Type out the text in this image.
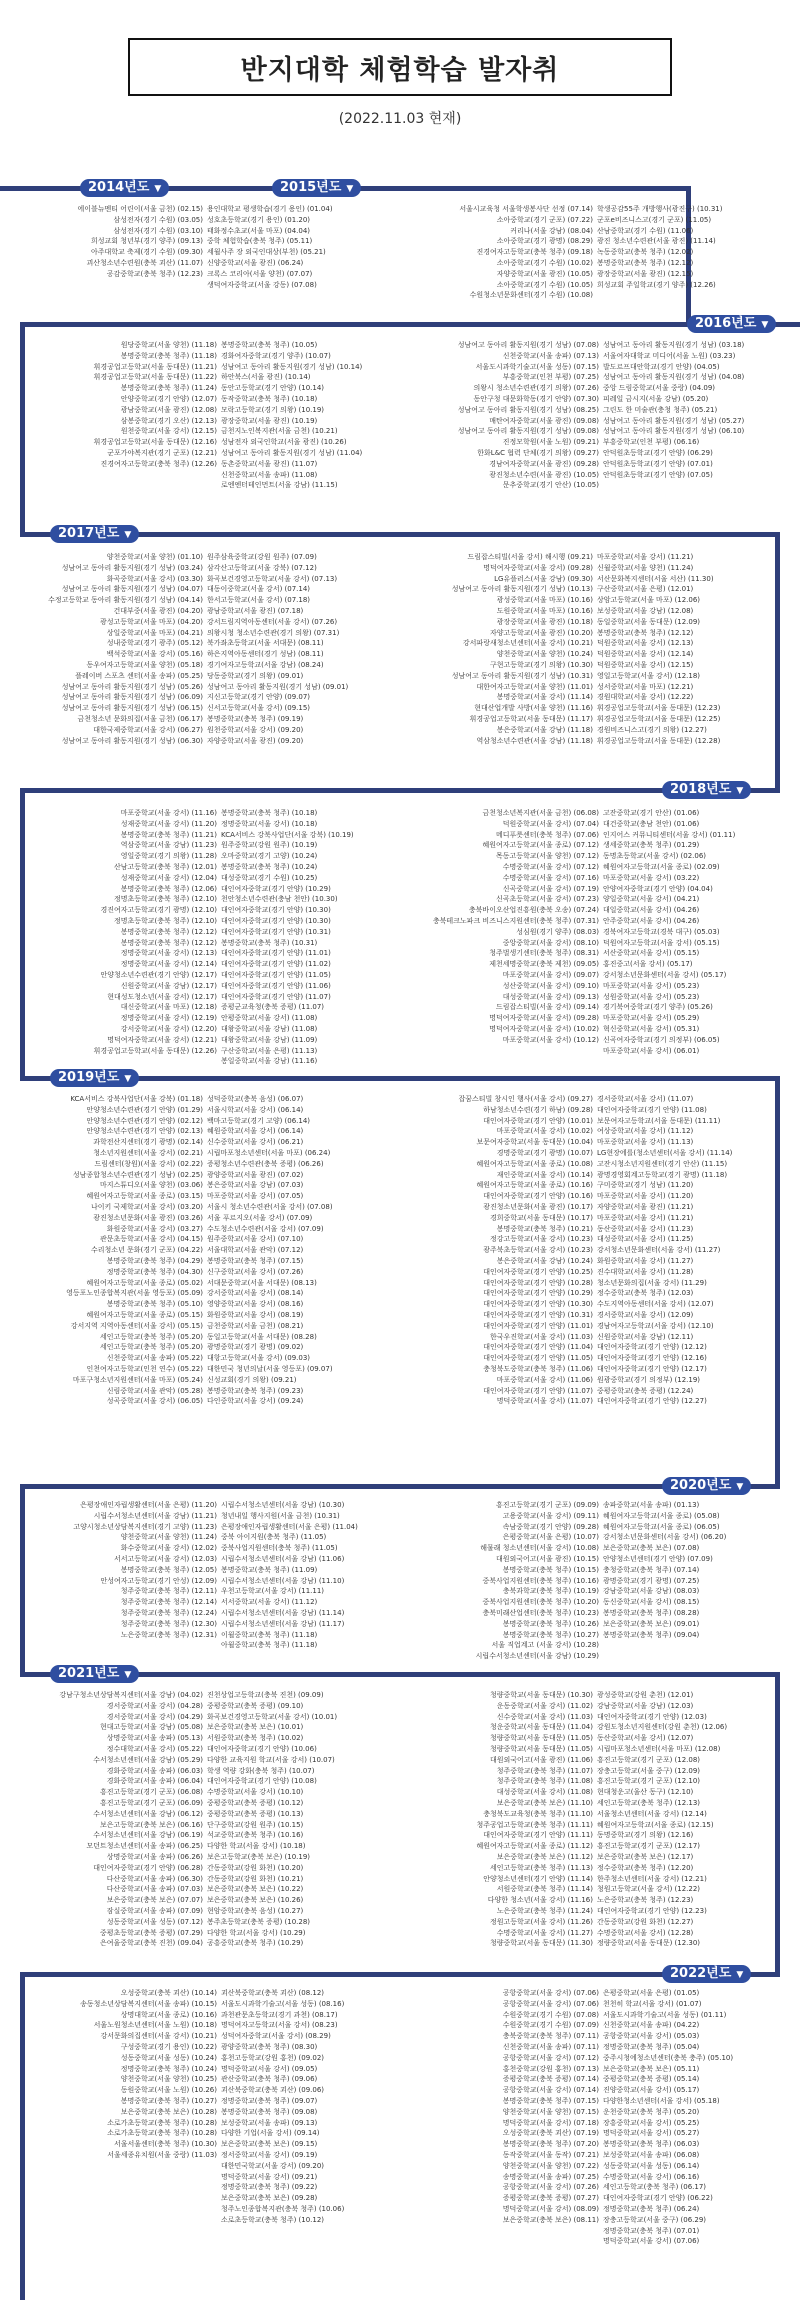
반지대학 체험학습 발자취
(2022.11.03 현재)
2014년도 ▼	2015년도 ▼
에이블뉴멘티 어린이(서울 금천) (02.15)
삼성전자(경기 수원) (03.05)
삼성전자(경기 수원) (03.10)
희성교회 청년부(경기 양주) (09.13)
아주대학교 축제(경기 수원) (09.30)
괴산청소년수련원(충북 괴산) (11.07)
공감중학교(충북 청주) (12.23)
용인대학교 평생학습(경기 용인) (01.04)
성호초등학교(경기 용인) (01.20)
태화정수초교(서울 마포) (04.04)
중학 체험학습(충북 청주) (05.11)
세월사주 장 외국인대상(부천) (05.21)
신양중학교(서울 광진) (06.24)
크록스 코리아(서울 양천) (07.07)
생덕여자중학교(서울 강동) (07.08)
서울시교육청 서울학생봉사단 선정 (07.14)
소아중학교(경기 군포) (07.22)
커리나(서울 강남) (08.04)
소아중학교(경기 광명) (08.29)
진경여자고등학교(충북 청주) (09.18)
소아중학교(경기 수원) (10.02)
자양중학교(서울 광진) (10.05)
소아중학교(경기 수원) (10.05)
수원청소년문화센터(경기 수원) (10.08)
학생공감55주 개방행사(광진구) (10.31)
군포e비즈니스고(경기 군포) (11.05)
산남중학교(경기 수원) (11.06)
광진 청소년수련관(서울 광진) (11.14)
녹동중학교(충북 청주) (12.02)
봉명중학교(충북 청주) (12.12)
광장중학교(서울 광진) (12.15)
희성교회 주일학교(경기 양주) (12.26)
2016년도 ▼
원당중학교(서울 양천) (11.18)
봉명중학교(충북 청주) (11.18)
휘경공업고등학교(서울 동대문) (11.21)
휘경공업고등학교(서울 동대문) (11.22)
봉명중학교(충북 청주) (11.24)
안양중학교(경기 안양) (12.07)
광남중학교(서울 광진) (12.08)
삼봉중학교(경기 오산) (12.13)
원천중학교(서울 강서) (12.15)
휘경공업고등학교(서울 동대문) (12.16)
군포가야복지관(경기 군포) (12.21)
진경여자고등학교(충북 청주) (12.26)
봉명중학교(충북 청주) (10.05)
경화여자중학교(경기 양주) (10.07)
성남여고 동아리 활동지원(경기 성남) (10.14)
하안북스(서울 광진) (10.14)
동안고등학교(경기 안양) (10.14)
동작중학교(충북 청주) (10.18)
모락고등학교(경기 의왕) (10.19)
광장중학교(서울 광진) (10.19)
금천지노인복지관(서울 금천) (10.21)
성남전자 외국인학교(서울 광진) (10.26)
성남여고 동아리 활동지원(경기 성남) (11.04)
동촌중학교(서울 광진) (11.07)
신천중학교(서울 송파) (11.08)
로엔엔터테인먼트(서울 강남) (11.15)
성남여고 동아리 활동지원(경기 성남) (07.08)
신천중학교(서울 송파) (07.13)
서울도시과학기술고(서울 성동) (07.15)
부흥중학교(인천 부평) (07.25)
의왕시 청소년수련관(경기 의왕) (07.26)
동안구청 대문화학동(경기 안양) (07.30)
성남여고 동아리 활동지원(경기 성남) (08.25)
매탄여자중학교(서울 광진) (09.08)
성남여고 동아리 활동지원(경기 성남) (09.08)
진정모학원(서울 노원) (09.21)
한화L&C 협력 단체(경기 의왕) (09.27)
경남여자중학교(서울 광진) (09.28)
광진청소년수련(서울 광진) (10.05)
문추중학교(경기 안산) (10.05)
성남여고 동아리 활동지원(경기 성남) (03.18)
서울여자대학교 미디어(서울 노원) (03.23)
발도르프대안학교(경기 안양) (04.05)
성남여고 동아리 활동지원(경기 성남) (04.08)
중앙 드림중학교(서울 중랑) (04.09)
피레일 금시지(서울 강남) (05.20)
그린도 한 미술관(충청 청주) (05.21)
성남여고 동아리 활동지원(경기 성남) (05.27)
성남여고 동아리 활동지원(경기 성남) (06.10)
부흥중학교(인천 부평) (06.16)
안덕원초등학교(경기 안양) (06.29)
안덕원초등학교(경기 안양) (07.01)
안덕원초등학교(경기 안양) (07.05)
2017년도 ▼
양천중학교(서울 양천) (01.10)
성남여고 동아리 활동지원(경기 성남) (03.24)
화곡중학교(서울 강서) (03.30)
성남여고 동아리 활동지원(경기 성남) (04.07)
수정고등학교 동아리 활동지원(경기 성남) (04.14)
건대부중(서울 광진) (04.20)
광성고등학교(서울 마포) (04.20)
상일중학교(서울 마포) (04.21)
성내중학교(경기 광주) (05.12)
백석중학교(서울 강서) (05.16)
동우여자고등학교(서울 양천) (05.18)
플레이버 스포츠 센터(서울 송파) (05.25)
성남여고 동아리 활동지원(경기 성남) (05.26)
성남여고 동아리 활동지원(경기 성남) (06.09)
성남여고 동아리 활동지원(경기 성남) (06.15)
금천청소년 문화의집(서울 금천) (06.17)
대한국제중학교(서울 강서) (06.27)
성남여고 동아리 활동지원(경기 성남) (06.30)
원주삼육중학교(강원 원주) (07.09)
삼각산고등학교(서울 강북) (07.12)
화곡보건경영고등학교(서울 강서) (07.13)
대동이중학교(서울 강서) (07.14)
한서고등학교(서울 강서) (07.18)
광남중학교(서울 광진) (07.18)
강서드림지역아동센터(서울 강서) (07.26)
의왕시청 청소년수련관(경기 의왕) (07.31)
북가좌초등학교(서울 서대문) (08.11)
하은지역아동센터(경기 성남) (08.11)
경기여자고등학교(서울 강남) (08.24)
당동중학교(경기 의왕) (09.01)
성남여고 동아리 활동지원(경기 성남) (09.01)
지신고등학교(경기 안양) (09.07)
신서고등학교(서울 강서) (09.15)
봉명중학교(충북 청주) (09.19)
원천중학교(서울 강서) (09.20)
자양중학교(서울 광진) (09.20)
드림잡스티빌(서울 강서) 해시행 (09.21)
명덕여자중학교(서울 강서) (09.28)
LG유플러스(서울 강남) (09.30)
성남여고 동아리 활동지원(경기 성남) (10.13)
광성중학교(서울 마포) (10.16)
도원중학교(서울 마포) (10.16)
광장중학교(서울 광진) (10.18)
자양고등학교(서울 광진) (10.20)
강서파랑새청소년센터(서울 강서) (10.21)
양천중학교(서울 양천) (10.24)
구현고등학교(경기 의왕) (10.30)
성남여고 동아리 활동지원(경기 성남) (10.31)
대한여자고등학교(서울 양천) (11.01)
봉명중학교(서울 강서) (11.14)
현대산업개발 사방(서울 양천) (11.16)
휘경공업고등학교(서울 동대문) (11.17)
봉은중학교(서울 강남) (11.18)
역삼청소년수련관(서울 강남) (11.18)
마포중학교(서울 강서) (11.21)
신월중학교(서울 양천) (11.24)
서산문화복지센터(서울 서산) (11.30)
구산중학교(서울 은평) (12.01)
상암고등학교(서울 마포) (12.06)
보성중학교(서울 강남) (12.08)
동일중학교(서울 동대문) (12.09)
봉명중학교(충북 청주) (12.12)
덕원중학교(서울 강서) (12.13)
덕원중학교(서울 강서) (12.14)
덕원중학교(서울 강서) (12.15)
영일고등학교(서울 강서) (12.18)
성서중학교(서울 마포) (12.21)
경원대학교(서울 강서) (12.22)
휘경공업고등학교(서울 동대문) (12.23)
휘경공업고등학교(서울 동대문) (12.25)
경원비즈니스고(경기 의왕) (12.27)
휘경공업고등학교(서울 동대문) (12.28)
2018년도 ▼
마포중학교(서울 강서) (11.16)
성재중학교(서울 강서) (11.20)
봉명중학교(충북 청주) (11.21)
역삼중학교(서울 강남) (11.23)
영일중학교(경기 의왕) (11.28)
산남고등학교(충북 청주) (12.01)
성재중학교(서울 강서) (12.04)
봉명중학교(충북 청주) (12.06)
정명초등학교(충북 청주) (12.10)
경진여자고등학교(경기 광명) (12.10)
정명초등학교(충북 청주) (12.10)
봉명중학교(충북 청주) (12.12)
봉명중학교(충북 청주) (12.12)
정명중학교(서울 강서) (12.13)
정명중학교(서울 강서) (12.14)
안양청소년수련관(경기 안양) (12.17)
신원중학교(서울 강남) (12.17)
현대성도청소년(서울 강서) (12.17)
대신중학교(서울 마포) (12.18)
정명중학교(서울 강서) (12.19)
강서중학교(서울 강서) (12.20)
명덕여자중학교(서울 강서) (12.21)
휘경공업고등학교(서울 동대문) (12.26)
봉명중학교(충북 청주) (10.18)
정명중학교(서울 강서) (10.18)
KCA서비스 강북사업단(서울 강북) (10.19)
원주중학교(강원 원주) (10.19)
오마중학교(경기 고양) (10.24)
봉명중학교(충북 청주) (10.24)
대성중학교(경기 수원) (10.25)
대인여자중학교(경기 안양) (10.29)
천안청소년수련관(충남 천안) (10.30)
대인여자중학교(경기 안양) (10.30)
대인여자중학교(경기 안양) (10.30)
대인여자중학교(경기 안양) (10.31)
봉명중학교(충북 청주) (10.31)
대인여자중학교(경기 안양) (11.01)
대인여자중학교(경기 안양) (11.02)
대인여자중학교(경기 안양) (11.05)
대인여자중학교(경기 안양) (11.06)
대인여자중학교(경기 안양) (11.07)
증평군교육청(충북 증평) (11.07)
안평중학교(서울 강서) (11.08)
대왕중학교(서울 강남) (11.08)
대왕중학교(서울 강남) (11.09)
구산중학교(서울 은평) (11.13)
봉일중학교(서울 강남) (11.16)
금천청소년복지관(서울 금천) (06.08)
덕원중학교(서울 강서) (07.04)
메디푸릇센터(충북 청주) (07.06)
혜원여자고등학교(서울 종로) (07.12)
목동고등학교(서울 양천) (07.12)
수명중학교(서울 강서) (07.12)
수명중학교(서울 강서) (07.16)
신곡중학교(서울 강서) (07.19)
신곡초등학교(서울 강서) (07.23)
충북바이오산업진흥원(충북 오송) (07.24)
충북테크노파크 비즈니스지원센터(충북 청주) (07.31)
성심원(경기 양주) (08.03)
중앙중학교(서울 강서) (08.10)
청주벌생기센터(충북 청주) (08.31)
제천세명중학교(충북 제천) (09.05)
마포중학교(서울 강서) (09.07)
성산중학교(서울 강서) (09.10)
대성중학교(서울 강서) (09.13)
드림잡스티빌(서울 강서) (09.14)
명덕여자중학교(서울 강서) (09.28)
명덕여자중학교(서울 강서) (10.02)
마포중학교(서울 강서) (10.12)
고잔중학교(경기 안산) (01.06)
대건중학교(충남 천안) (01.06)
인지어스 커뮤니티센터(서울 강서) (01.11)
생세중학교(충북 청주) (01.29)
동명초등학교(서울 강서) (02.06)
혜원여자고등학교(서울 종로) (02.09)
마포중학교(서울 강서) (03.22)
안양여자중학교(경기 안양) (04.04)
양일중학교(서울 강서) (04.21)
대일중학교(서울 강서) (04.26)
안주중학교(서울 강서) (04.26)
경북여자고등학교(경북 대구) (05.03)
덕원여자고등학교(서울 강서) (05.15)
서산중학교(서울 강서) (05.15)
홍진중고(서울 강서) (05.17)
강서청소년문화센터(서울 강서) (05.17)
마포중학교(서울 강서) (05.23)
성원중학교(서울 강서) (05.23)
경기북여중학교(경기 양주) (05.26)
마포중학교(서울 강서) (05.29)
혁신중학교(서울 강서) (05.31)
신곡여자중학교(경기 의정부) (06.05)
마포중학교(서울 강서) (06.01)
2019년도 ▼
KCA서비스 강북사업단(서울 강북) (01.18)
안양청소년수련관(경기 안양) (01.29)
안양청소년수련관(경기 안양) (02.12)
안양청소년수련관(경기 안양) (02.13)
과학전산지센터(경기 광명) (02.14)
청소년지원센터(서울 강서) (02.21)
드림센터(창원)(서울 강서) (02.22)
성남종합청소년수련관(경기 성남) (02.25)
마지스튜디오(서울 양천) (03.06)
혜원여자고등학교(서울 종로) (03.15)
나이키 국제학교(서울 강서) (03.20)
광진청소년문화(서울 광진) (03.26)
화원중학교(서울 강서) (03.27)
관문초등학교(서울 강서) (04.15)
수리청소년 문화(경기 군포) (04.22)
봉명중학교(충북 청주) (04.29)
정명중학교(충북 청주) (04.30)
혜원여자고등학교(서울 종로) (05.02)
영등포노인종합복지관(서울 영등포) (05.09)
봉명중학교(충북 청주) (05.10)
혜원여자고등학교(서울 종로) (05.15)
강서지역 지역아동센터(서울 강서) (05.15)
세인고등학교(충북 청주) (05.20)
세인고등학교(충북 청주) (05.20)
신천중학교(서울 송파) (05.22)
인천여자고등학교(인천 연수) (05.22)
마포구청소년지원센터(서울 마포) (05.24)
신림중학교(서울 관악) (05.28)
성곡중학교(서울 강서) (06.05)
성덕중학교(충북 음성) (06.07)
서울시학교(서울 강서) (06.14)
백마고등학교(경기 고양) (06.14)
혜원중학교(서울 강서) (06.14)
신수중학교(서울 강서) (06.21)
시립마포청소년센터(서울 마포) (06.24)
증평청소년수련관(충북 증평) (06.26)
광양중학교(서울 광진) (07.02)
봉은중학교(서울 강남) (07.03)
마포중학교(서울 강서) (07.05)
서울시 청소년수련관(서울 강서) (07.08)
서울 푸르지오(서울 강서) (07.09)
수도청소년수련관(서울 강서) (07.09)
원주중학교(서울 강서) (07.10)
서울대학교(서울 관악) (07.12)
봉명중학교(충북 청주) (07.15)
신구중학교(서울 강서) (07.26)
서대문중학교(서울 서대문) (08.13)
강서중학교(서울 강서) (08.14)
영양중학교(서울 강서) (08.16)
화원중학교(서울 강서) (08.19)
금천중학교(서울 금천) (08.21)
동일고등학교(서울 서대문) (08.28)
광명중학교(경기 광명) (09.02)
대항고등학교(서울 강서) (09.03)
대한민국 청년의날(서울 영등포) (09.07)
신성교회(경기 의왕) (09.21)
봉명중학교(충북 청주) (09.23)
다인중학교(서울 강서) (09.24)
잡꿈스티빌 창시인 행사(서울 강서) (09.27)
하남청소년수련(경기 하남) (09.28)
대인여자중학교(경기 안양) (10.01)
마포중학교(서울 강서) (10.02)
보문여자중학교(서울 동대문) (10.04)
경명중학교(경기 광명) (10.07)
혜원여자고등학교(서울 종로) (10.08)
재인중학교(서울 강서) (10.14)
혜원여자고등학교(서울 종로) (10.16)
대인여자중학교(경기 안양) (10.16)
광진청소년문화(서울 광진) (10.17)
경희중학교(서울 동대문) (10.17)
봉명중학교(충북 청주) (10.21)
정강고등학교(서울 강서) (10.23)
광주북초등학교(서울 강서) (10.23)
봉은중학교(서울 강남) (10.24)
대인여자중학교(경기 안양) (10.25)
대인여자중학교(경기 안양) (10.28)
대인여자중학교(경기 안양) (10.29)
대인여자중학교(경기 안양) (10.30)
대인여자중학교(경기 안양) (10.31)
대인여자중학교(경기 안양) (11.01)
한국우진학교(서울 강서) (11.03)
대인여자중학교(경기 안양) (11.04)
대인여자중학교(경기 안양) (11.05)
충청북도중학교(충북 청주) (11.06)
마포중학교(서울 강서) (11.06)
대인여자중학교(경기 안양) (11.07)
명덕중학교(서울 강서) (11.07)
경서중학교(서울 강서) (11.07)
대인여자중학교(경기 안양) (11.08)
보문여자고등학교(서울 동대문) (11.11)
여상중학교(서울 강서) (11.12)
마포중학교(서울 강서) (11.13)
LG현장에를(청소년센터(서울 강서) (11.14)
고잔시청소년지원센터(경기 안산) (11.15)
광명경영회계고등학교(경기 광명) (11.18)
구미중학교(경기 성남) (11.20)
마포중학교(서울 강서) (11.20)
자양중학교(서울 광진) (11.21)
마포중학교(서울 강서) (11.21)
동산중학교(서울 강서) (11.23)
대성중학교(서울 강서) (11.25)
강서청소년문화센터(서울 강서) (11.27)
화원중학교(서울 강서) (11.27)
진수대학교(서울 강서) (11.28)
청소년문화의집(서울 강서) (11.29)
정수중학교(충북 청주) (12.03)
수도지역아동센터(서울 강서) (12.07)
경서중학교(서울 강서) (12.09)
경남여자고등학교(서울 강서) (12.10)
신원중학교(서울 강남) (12.11)
대인여자중학교(경기 안양) (12.12)
대인여자중학교(경기 안양) (12.16)
대인여자중학교(경기 안양) (12.17)
원광중학교(경기 의정부) (12.19)
중평중학교(충북 증평) (12.24)
대인여자중학교(경기 안양) (12.27)
2020년도 ▼
은평장애인자립생활센터(서울 은평) (11.20)
시립수서청소년센터(서울 강남) (11.21)
고양시청소년상담복지센터(경기 고양) (11.23)
양천중학교(서울 양천) (11.24)
화수중학교(서울 강서) (12.02)
서서고등학교(서울 강서) (12.03)
봉명중학교(충북 청주) (12.05)
안성여자고등학교(경기 안성) (12.09)
청주중학교(충북 청주) (12.11)
청주중학교(충북 청주) (12.14)
청주중학교(충북 청주) (12.24)
청주중학교(충북 청주) (12.30)
노은중학교(충북 청주) (12.31)
시립수서청소년센터(서울 강남) (10.30)
청년내일 행사지원(서울 금천) (10.31)
은평장애인자립생활센터(서울 은평) (11.04)
중북 아이지원(충북 청주) (11.05)
중북사업지원센터(충북 청주) (11.05)
시립수서청소년센터(서울 강남) (11.06)
봉명중학교(충북 청주) (11.09)
시립수서청소년센터(서울 강남) (11.10)
우천고등학교(서울 강서) (11.11)
서서중학교(서울 강서) (11.12)
시립수서청소년센터(서울 강남) (11.14)
시립수서청소년센터(서울 강남) (11.17)
이월중학교(충북 청주) (11.18)
아월중학교(충북 청주) (11.18)
흥진고등학교(경기 군포) (09.09)
고용중학교(서울 강서) (09.11)
속남중학교(경기 안양) (09.28)
은평중학교(서울 은평) (10.07)
해물래 청소년센터(서울 강서) (10.08)
대원외국어고(서울 광진) (10.15)
봉명중학교(충북 청주) (10.15)
중북사업지원센터(충북 청주) (10.16)
충북과학교(충북 청주) (10.19)
중북사업지원센터(충북 청주) (10.20)
충북미래산업센터(충북 청주) (10.23)
봉명중학교(충북 청주) (10.26)
봉명중학교(충북 청주) (10.27)
서울 직업계고 (서울 강서) (10.28)
시립수서청소년센터(서울 강남) (10.29)
송파중학교(서울 송파) (01.13)
혜원여자고등학교(서울 종로) (05.08)
혜원여자고등학교(서울 종로) (06.05)
강서청소년문화센터(서울 강서) (06.20)
보은중학교(충북 보은) (07.08)
안양청소년센터(경기 안양) (07.09)
충청중학교(충북 청주) (07.14)
광명중학교(경기 광명) (07.25)
강남중학교(서울 강남) (08.03)
동신중학교(서울 강서) (08.15)
봉명중학교(충북 청주) (08.28)
보은중학교(충북 보은) (09.01)
봉명중학교(충북 청주) (09.04)
2021년도 ▼
강남구청소년상담복지센터(서울 강남) (04.02)
경서중학교(서울 강서) (04.28)
경서중학교(서울 강서) (04.29)
현대고등학교(서울 강남) (05.08)
상명중학교(서울 송파) (05.13)
정수대학교(서울 강서) (05.22)
수서청소년센터(서울 강남) (05.29)
경화중학교(서울 송파) (06.03)
경화중학교(서울 송파) (06.04)
흥진고등학교(경기 군포) (06.08)
흥진고등학교(경기 군포) (06.09)
수서청소년센터(서울 강남) (06.12)
보은고등학교(충북 보은) (06.16)
수서청소년센터(서울 강남) (06.19)
모던트청소년센터(서울 송파) (06.25)
상명중학교(서울 송파) (06.26)
대인여자중학교(경기 안양) (06.28)
다산중학교(서울 송파) (06.30)
다산중학교(서울 송파) (07.03)
보은중학교(충북 보은) (07.07)
잠실중학교(서울 송파) (07.09)
성동중학교(서울 성동) (07.12)
중평초등학교(충북 증평) (07.29)
은여울중학교(충북 진천) (09.04)
진천상업고등학교(충북 진천) (09.09)
중평중학교(충북 증평) (09.10)
화곡보건경영고등학교(서울 강서) (10.01)
보은중학교(충북 보은) (10.01)
서원중학교(충북 청주) (10.02)
대인여자중학교(경기 안양) (10.06)
다양한 교육지원 학교(서울 강서) (10.07)
학생 역량 강화(충북 청주) (10.07)
대인여자중학교(경기 안양) (10.08)
수명중학교(서울 강서) (10.10)
중평중학교(충북 증평) (10.12)
중평중학교(충북 증평) (10.13)
단구중학교(강원 원주) (10.15)
석교중학교(충북 청주) (10.16)
다양한 학교(서울 강서) (10.18)
보은고등학교(충북 보은) (10.19)
간동중학교(강원 화천) (10.20)
간동중학교(강원 화천) (10.21)
보은중학교(충북 보은) (10.22)
보은중학교(충북 보은) (10.26)
현암중학교(충북 음성) (10.27)
봉주초등학교(충북 증평) (10.28)
다양한 학교(서울 강서) (10.29)
공흥중학교(충북 청주) (10.29)
청량중학교(서울 동대문) (10.30)
운동중학교(서울 강서) (11.02)
신수중학교(서울 강서) (11.03)
청운중학교(서울 동대문) (11.04)
청량중학교(서울 동대문) (11.05)
청량중학교(서울 동대문) (11.05)
대원외국어고(서울 광진) (11.06)
청주중학교(충북 청주) (11.07)
청주중학교(충북 청주) (11.08)
대성중학교(서울 강서) (11.08)
보은중학교(충북 보은) (11.10)
충청북도교육청(충북 청주) (11.10)
청주공업고등학교(충북 청주) (11.11)
대인여자중학교(경기 안양) (11.11)
혜원여자고등학교(서울 종로) (11.12)
보은중학교(충북 보은) (11.12)
세인고등학교(충북 청주) (11.13)
안양청소년센터(경기 안양) (11.14)
서원중학교(충북 청주) (11.14)
다양한 청소년(서울 강서) (11.16)
노은중학교(충북 청주) (11.24)
정원고등학교(서울 강서) (11.26)
수명중학교(서울 강서) (11.27)
청량중학교(서울 동대문) (11.30)
광성중학교(강원 춘천) (12.01)
강남중학교(서울 강남) (12.03)
대인여자중학교(경기 안양) (12.03)
강원도청소년지원센터(강원 춘천) (12.06)
동산중학교(서울 강서) (12.07)
시립마포청소년센터(서울 마포) (12.08)
흥진고등학교(경기 군포) (12.08)
장충고등학교(서울 중구) (12.09)
흥진고등학교(경기 군포) (12.10)
현대청운고(울산 동구) (12.10)
세인고등학교(충북 청주) (12.13)
서울청소년센터(서울 강서) (12.14)
혜원여자고등학교(서울 종로) (12.15)
동명중학교(경기 의왕) (12.16)
흥진고등학교(경기 군포) (12.17)
보은중학교(충북 보은) (12.17)
정수중학교(충북 청주) (12.20)
한주청소년센터(서울 강서) (12.21)
청원고등학교(서울 강서) (12.22)
노은중학교(충북 청주) (12.23)
대인여자중학교(경기 안양) (12.23)
간동중학교(강원 화천) (12.27)
수명중학교(서울 강서) (12.28)
정량중학교(서울 동대문) (12.30)
2022년도 ▼
오성중학교(충북 괴산) (10.14)
송동청소년상담복지센터(서울 송파) (10.15)
상명대학교(서울 종로) (10.16)
서울노원청소년센터(서울 노원) (10.18)
강서문화의집센터(서울 강서) (10.21)
구성중학교(경기 용인) (10.22)
성동중학교(서울 성동) (10.24)
정명중학교(충북 청주) (10.24)
양천중학교(서울 양천) (10.25)
동원중학교(서울 노원) (10.26)
봉명중학교(충북 청주) (10.27)
보은중학교(충북 보은) (10.28)
소로가초등학교(충북 청주) (10.28)
소로가초등학교(충북 청주) (10.28)
서울서울센터(충북 청주) (10.30)
서울세종유치원(서울 중랑) (11.03)
괴산북중학교(충북 괴산) (08.12)
서울도시과학기술고(서울 성동) (08.16)
과천관문초등학교(경기 과천) (08.17)
명덕여자고등학교(서울 강서) (08.23)
성덕여자중학교(서울 강서) (08.29)
광양중학교(충북 청주) (08.30)
홍천고등학교(강원 홍천) (09.02)
명덕중학교(서울 강서) (09.05)
관산중학교(충북 청주) (09.06)
괴산북중학교(충북 괴산) (09.06)
정명중학교(충북 청주) (09.07)
봉명중학교(충북 청주) (09.08)
보성중학교(서울 송파) (09.13)
다양한 기업(서울 강서) (09.14)
보은중학교(충북 보은) (09.15)
정서중학교(서울 강서) (09.19)
대한민국학교(서울 강서) (09.20)
명덕중학교(서울 강서) (09.21)
정명중학교(충북 청주) (09.22)
보은중학교(충북 보은) (09.28)
청주노인종합복지관(충북 청주) (10.06)
소로초등학교(충북 청주) (10.12)
공항중학교(서울 강서) (07.06)
공항중학교(서울 강서) (07.06)
수원중학교(경기 수원) (07.08)
수원중학교(경기 수원) (07.09)
충북중학교(충북 청주) (07.11)
신천중학교(서울 송파) (07.11)
공항중학교(서울 강서) (07.12)
홍천중학교(강원 홍천) (07.13)
증평중학교(충북 증평) (07.14)
공항중학교(서울 강서) (07.14)
봉명중학교(충북 청주) (07.15)
양천중학교(서울 양천) (07.15)
명덕중학교(서울 강서) (07.18)
오성중학교(충북 괴산) (07.19)
봉명중학교(충북 청주) (07.20)
동작중학교(서울 동작) (07.21)
양천중학교(서울 양천) (07.22)
송명중학교(서울 송파) (07.25)
공항중학교(서울 강서) (07.26)
증평중학교(충북 증평) (07.27)
명덕중학교(서울 강서) (08.09)
보은중학교(충북 보은) (08.11)
은평중학교(서울 은평) (01.05)
천천히 학교(서울 강서) (01.07)
서울도시과학기술고(서울 성동) (01.11)
신천중학교(서울 송파) (04.22)
공항중학교(서울 강서) (05.03)
정명중학교(충북 청주) (05.04)
중주시청에청소년센터(충북 충주) (05.10)
보은중학교(충북 보은) (05.11)
중평중학교(충북 증평) (05.14)
진양중학교(서울 강서) (05.17)
다양한청소년센터(서울 강서) (05.18)
운천중학교(충북 청주) (05.20)
장흥중학교(서울 강서) (05.25)
명덕중학교(서울 강서) (05.27)
봉명중학교(충북 청주) (06.03)
보성중학교(서울 송파) (06.08)
성동중학교(서울 성동) (06.14)
수명중학교(서울 강서) (06.16)
세인고등학교(충북 청주) (06.17)
대인여자중학교(경기 안양) (06.22)
정명중학교(충북 청주) (06.24)
장충고등학교(서울 중구) (06.29)
정명중학교(충북 청주) (07.01)
명덕중학교(서울 강서) (07.06)
